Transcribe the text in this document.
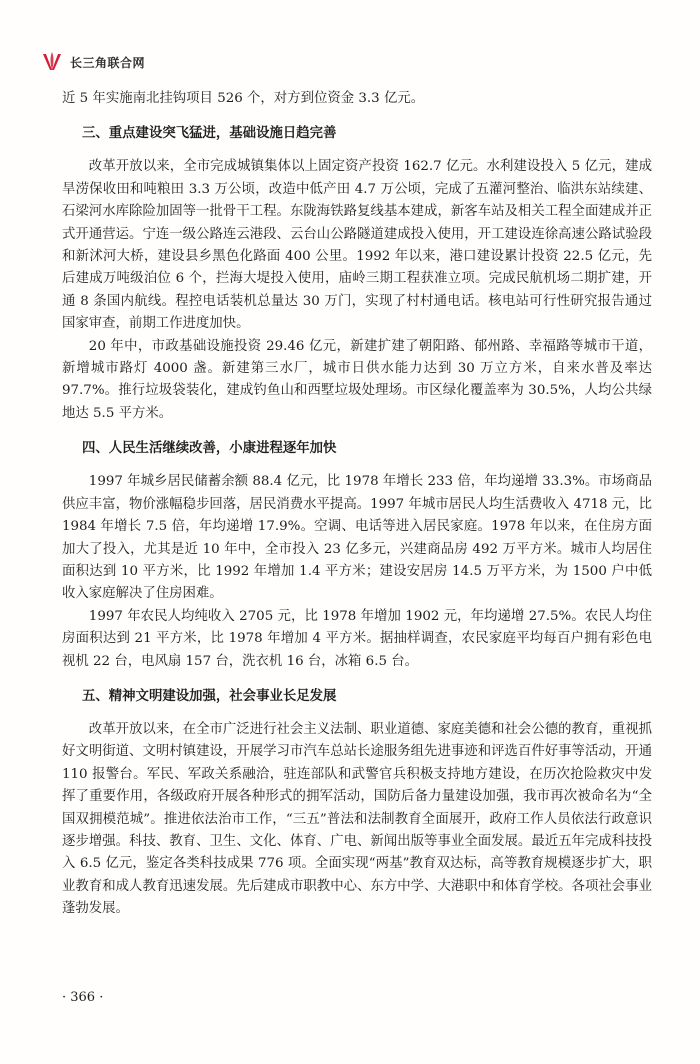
长三角联合网

近 5 年实施南北挂钩项目 526 个，对方到位资金 3.3 亿元。

三、重点建设突飞猛进，基础设施日趋完善

改革开放以来，全市完成城镇集体以上固定资产投资 162.7 亿元。水利建设投入 5 亿元，建成旱涝保收田和吨粮田 3.3 万公顷，改造中低产田 4.7 万公顷，完成了五灌河整治、临洪东站续建、石梁河水库除险加固等一批骨干工程。东陇海铁路复线基本建成，新客车站及相关工程全面建成并正式开通营运。宁连一级公路连云港段、云台山公路隧道建成投入使用，开工建设连徐高速公路试验段和新沭河大桥，建设县乡黑色化路面 400 公里。1992 年以来，港口建设累计投资 22.5 亿元，先后建成万吨级泊位 6 个，拦海大堤投入使用，庙岭三期工程获准立项。完成民航机场二期扩建，开通 8 条国内航线。程控电话装机总量达 30 万门，实现了村村通电话。核电站可行性研究报告通过国家审查，前期工作进度加快。

20 年中，市政基础设施投资 29.46 亿元，新建扩建了朝阳路、郁州路、幸福路等城市干道，新增城市路灯 4000 盏。新建第三水厂，城市日供水能力达到 30 万立方米，自来水普及率达 97.7%。推行垃圾袋装化，建成钓鱼山和西墅垃圾处理场。市区绿化覆盖率为 30.5%，人均公共绿地达 5.5 平方米。

四、人民生活继续改善，小康进程逐年加快

1997 年城乡居民储蓄余额 88.4 亿元，比 1978 年增长 233 倍，年均递增 33.3%。市场商品供应丰富，物价涨幅稳步回落，居民消费水平提高。1997 年城市居民人均生活费收入 4718 元，比 1984 年增长 7.5 倍，年均递增 17.9%。空调、电话等进入居民家庭。1978 年以来，在住房方面加大了投入，尤其是近 10 年中，全市投入 23 亿多元，兴建商品房 492 万平方米。城市人均居住面积达到 10 平方米，比 1992 年增加 1.4 平方米；建设安居房 14.5 万平方米，为 1500 户中低收入家庭解决了住房困难。

1997 年农民人均纯收入 2705 元，比 1978 年增加 1902 元，年均递增 27.5%。农民人均住房面积达到 21 平方米，比 1978 年增加 4 平方米。据抽样调查，农民家庭平均每百户拥有彩色电视机 22 台，电风扇 157 台，洗衣机 16 台，冰箱 6.5 台。

五、精神文明建设加强，社会事业长足发展

改革开放以来，在全市广泛进行社会主义法制、职业道德、家庭美德和社会公德的教育，重视抓好文明街道、文明村镇建设，开展学习市汽车总站长途服务组先进事迹和评选百件好事等活动，开通 110 报警台。军民、军政关系融洽，驻连部队和武警官兵积极支持地方建设，在历次抢险救灾中发挥了重要作用，各级政府开展各种形式的拥军活动，国防后备力量建设加强，我市再次被命名为“全国双拥模范城”。推进依法治市工作，“三五”普法和法制教育全面展开，政府工作人员依法行政意识逐步增强。科技、教育、卫生、文化、体育、广电、新闻出版等事业全面发展。最近五年完成科技投入 6.5 亿元，鉴定各类科技成果 776 项。全面实现“两基”教育双达标，高等教育规模逐步扩大，职业教育和成人教育迅速发展。先后建成市职教中心、东方中学、大港职中和体育学校。各项社会事业蓬勃发展。

· 366 ·
